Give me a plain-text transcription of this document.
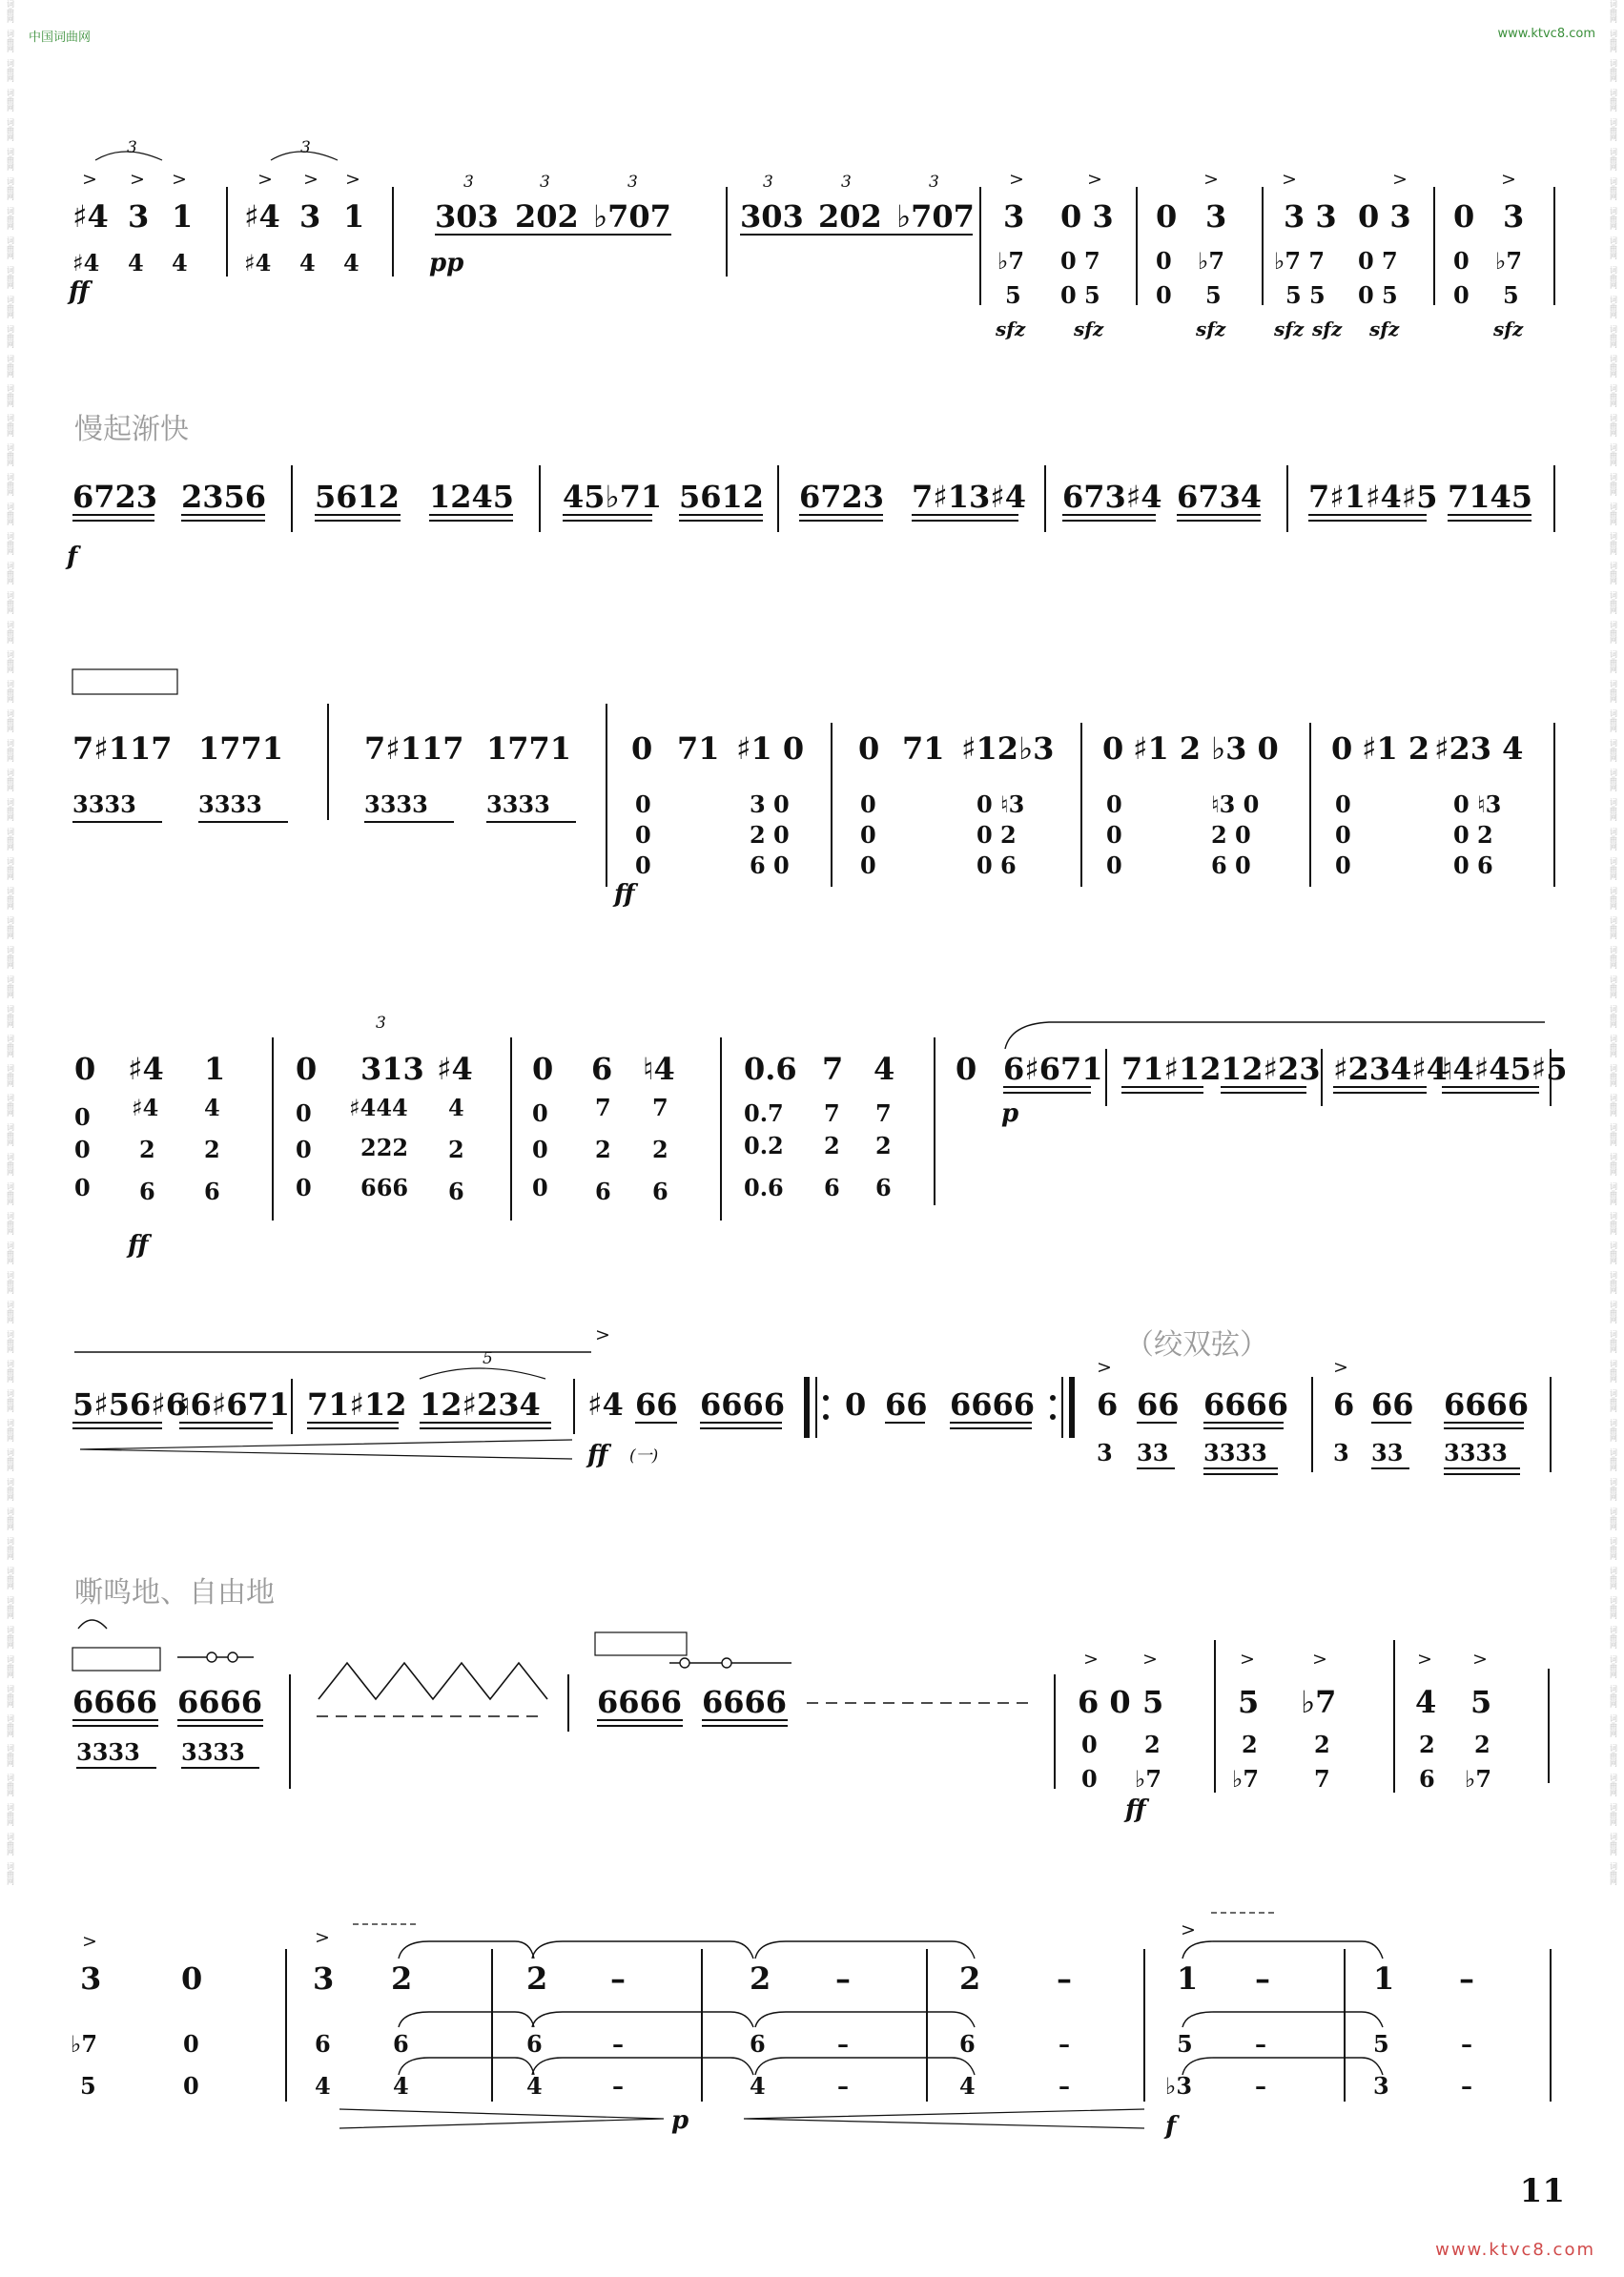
词曲网
词曲网
词曲网
词曲网
词曲网
词曲网
词曲网
词曲网
词曲网
词曲网
词曲网
词曲网
词曲网
词曲网
词曲网
词曲网
词曲网
词曲网
词曲网
词曲网
词曲网
词曲网
词曲网
词曲网
词曲网
词曲网
词曲网
词曲网
词曲网
词曲网
词曲网
词曲网
词曲网
词曲网
词曲网
词曲网
词曲网
词曲网
词曲网
词曲网
词曲网
词曲网
词曲网
词曲网
词曲网
词曲网
词曲网
词曲网
词曲网
词曲网
词曲网
词曲网
词曲网
词曲网
词曲网
词曲网
词曲网
词曲网
词曲网
词曲网
词曲网
词曲网
词曲网
词曲网
词曲网
词曲网
词曲网
词曲网
词曲网
词曲网
词曲网
词曲网
词曲网
词曲网
词曲网
词曲网
词曲网
词曲网
词曲网
词曲网
词曲网
词曲网
词曲网
词曲网
词曲网
词曲网
词曲网
词曲网
词曲网
词曲网
词曲网
词曲网
词曲网
词曲网
词曲网
词曲网
词曲网
词曲网
词曲网
词曲网
词曲网
词曲网
词曲网
词曲网
词曲网
词曲网
词曲网
词曲网
词曲网
词曲网
词曲网
词曲网
词曲网
词曲网
词曲网
词曲网
词曲网
词曲网
词曲网
词曲网
词曲网
词曲网
词曲网
词曲网
词曲网
词曲网
词曲网
词曲网
中国词曲网	www.ktvc8.com
3
> > >
♯4 3 1
♯4 4 4
ff
3
> > >
♯4 3 1
♯4 4 4
3	3	3
303 202 ♭707
pp
3	3	3
303 202 ♭707
>	>
3 0 3
♭7 0 7
5 0 5
sfz	sfz
>
0 3
0 ♭7
0 5
sfz
>	>
3 3 0 3
♭7 7 0 7
5 5 0 5
sfz sfz sfz
>
0 3
0 ♭7
0 5
sfz
慢起渐快
6723 2356
f
5612 1245 45♭71 5612 6723 7♯13♯4 673♯4 6734 7♯1♯4♯5 7145
7♯117 1771
3333	3333
7♯117 1771
3333	3333
0 71 ♯1 0
0	3 0
0	2 0
0	6 0
ff
0 71 ♯12♭3
0	0 ♮3
0	0 2
0	0 6
0 ♯1 2 ♭3 0
0	♮3 0
0	2 0
0	6 0
0 ♯1 2 ♯23 4
0	0 ♮3
0	0 2
0	0 6
0 ♯4 1
0 ♯4 4
0 2 2
0 6 6
ff
0 313 ♯4
0 ♯444 4
0 222 2
0 666 6
3
0 6 ♮4
0 7 7
0 2 2
0 6 6
0.6 7 4
0.7 7 7
0.2 2 2
0.6 6 6
0 6♯671
p
71♯12 12♯23 ♯234♯4
♮4♯45♯5
5♯56♯6
♮6♯671 71♯12 12♯234
5
>
♯4 66 6666
ff (一)
0 66 6666
（绞双弦）
>
6 66 6666
3 33 3333
>
6 66 6666
3 33 3333
嘶鸣地、自由地
6666 6666
3333 3333
6666 6666
> >
6 0 5
0 2
0 ♭7
ff
>	>
5 ♭7
2 2
♭7 7
> >
4 5
2 2
6 ♭7
>
3	0
♭7	0
5	0
>
3 2
6	6
4	4
2 –
6	–
4	–
2 –
6	–
4	–
2 –
6	–
4	–
>
1 –
5	–
♭3	–
1 –
5	–
3	–
p	f
11
www.ktvc8.com
